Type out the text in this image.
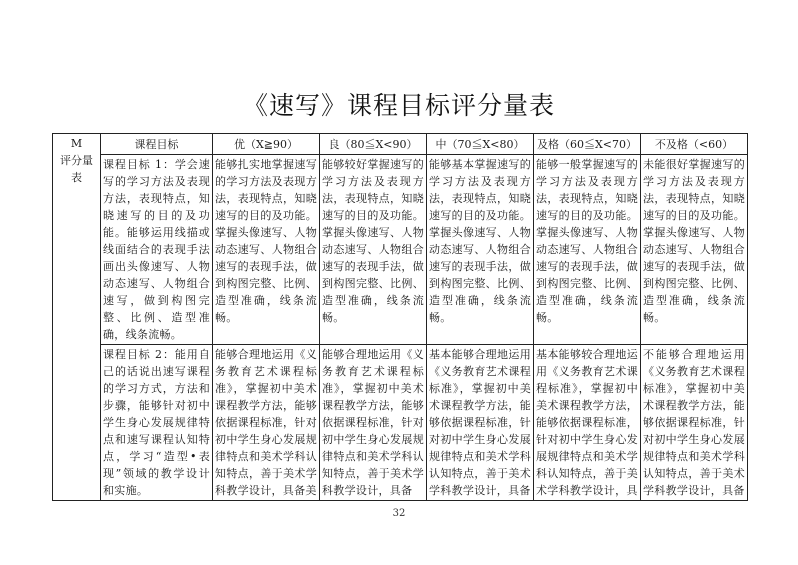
《速写》课程目标评分量表
M
评分量表	课程目标	优（X≧90）	良（80≦X<90）	中（70≦X<80）	及格（60≦X<70）	不及格（<60）
	课程目标 1：学会速写的学习方法及表现方法，表现特点，知晓速写的目的及功能。能够运用线描或线面结合的表现手法画出头像速写、人物动态速写、人物组合速写，做到构图完整、比例、造型准确，线条流畅。	能够扎实地掌握速写的学习方法及表现方法，表现特点，知晓速写的目的及功能。掌握头像速写、人物动态速写、人物组合速写的表现手法，做到构图完整、比例、造型准确，线条流畅。	能够较好掌握速写的学习方法及表现方法，表现特点，知晓速写的目的及功能。掌握头像速写、人物动态速写、人物组合速写的表现手法，做到构图完整、比例、造型准确，线条流畅。	能够基本掌握速写的学习方法及表现方法，表现特点，知晓速写的目的及功能。掌握头像速写、人物动态速写、人物组合速写的表现手法，做到构图完整、比例、造型准确，线条流畅。	能够一般掌握速写的学习方法及表现方法，表现特点，知晓速写的目的及功能。掌握头像速写、人物动态速写、人物组合速写的表现手法，做到构图完整、比例、造型准确，线条流畅。	未能很好掌握速写的学习方法及表现方法，表现特点，知晓速写的目的及功能。掌握头像速写、人物动态速写、人物组合速写的表现手法，做到构图完整、比例、造型准确，线条流畅。
	课程目标 2：能用自己的话说出速写课程的学习方式，方法和步骤，能够针对初中学生身心发展规律特点和速写课程认知特点，学习“造型•表现”领域的教学设计和实施。	能够合理地运用《义务教育艺术课程标准》，掌握初中美术课程教学方法，能够依据课程标准，针对初中学生身心发展规律特点和美术学科认知特点，善于美术学科教学设计，具备美	能够合理地运用《义务教育艺术课程标准》，掌握初中美术课程教学方法，能够依据课程标准，针对初中学生身心发展规律特点和美术学科认知特点，善于美术学科教学设计，具备	基本能够合理地运用《义务教育艺术课程标准》，掌握初中美术课程教学方法，能够依据课程标准，针对初中学生身心发展规律特点和美术学科认知特点，善于美术学科教学设计，具备	基本能够较合理地运用《义务教育艺术课程标准》，掌握初中美术课程教学方法，能够依据课程标准，针对初中学生身心发展规律特点和美术学科认知特点，善于美术学科教学设计，具	不能够合理地运用《义务教育艺术课程标准》，掌握初中美术课程教学方法，能够依据课程标准，针对初中学生身心发展规律特点和美术学科认知特点，善于美术学科教学设计，具备
32
